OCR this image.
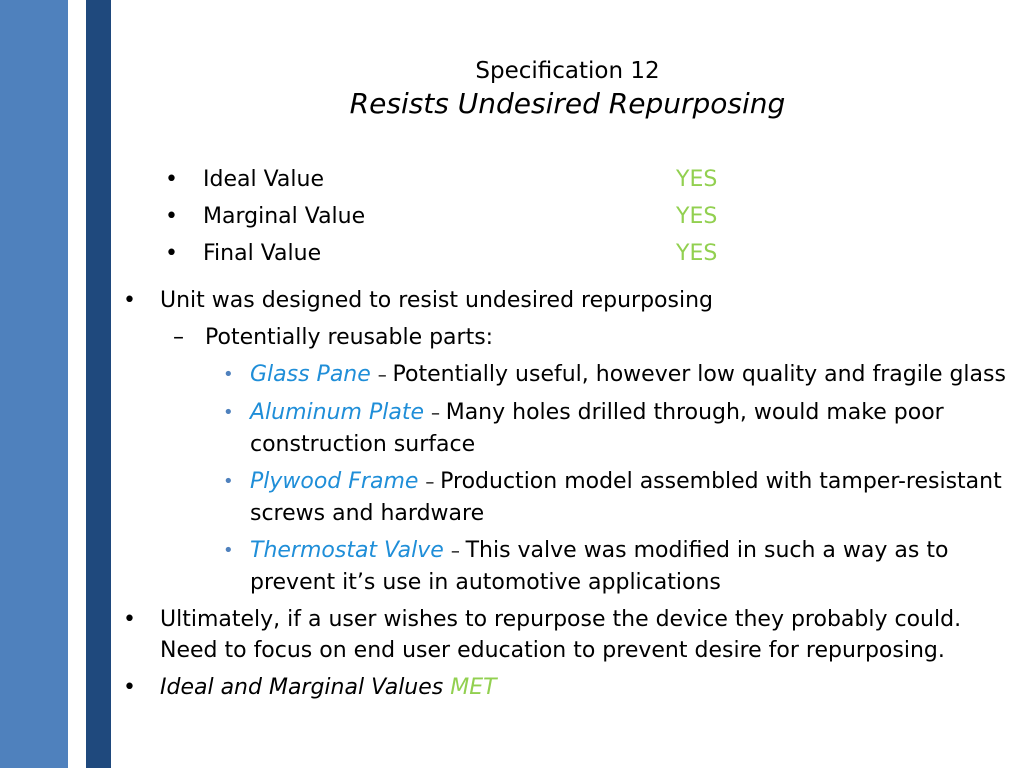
Specification 12
Resists Undesired Repurposing
• Ideal Value	YES
• Marginal Value	YES
• Final Value	YES
• Unit was designed to resist undesired repurposing
– Potentially reusable parts:
• Glass Pane – Potentially useful, however low quality and fragile glass
• Aluminum Plate – Many holes drilled through, would make poor construction surface
• Plywood Frame – Production model assembled with tamper-resistant screws and hardware
• Thermostat Valve – This valve was modified in such a way as to prevent it’s use in automotive applications
• Ultimately, if a user wishes to repurpose the device they probably could. Need to focus on end user education to prevent desire for repurposing.
• Ideal and Marginal Values MET
